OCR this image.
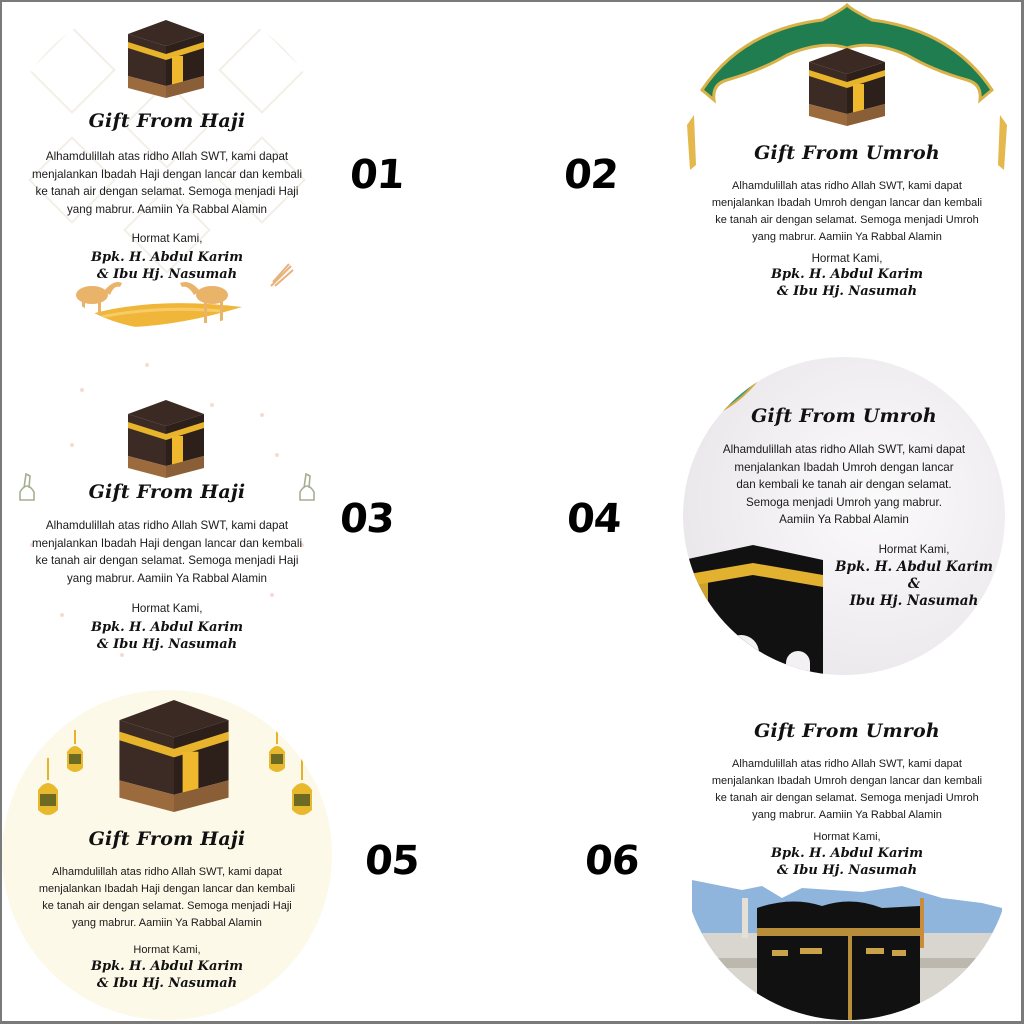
Gift From Haji
Alhamdulillah atas ridho Allah SWT, kami dapat
menjalankan Ibadah Haji dengan lancar dan kembali
ke tanah air dengan selamat. Semoga menjadi Haji
yang mabrur. Aamiin Ya Rabbal Alamin
Hormat Kami,
Bpk. H. Abdul Karim
& Ibu Hj. Nasumah
01	Gift From Umroh
Alhamdulillah atas ridho Allah SWT, kami dapat
menjalankan Ibadah Umroh dengan lancar dan kembali
ke tanah air dengan selamat. Semoga menjadi Umroh
yang mabrur. Aamiin Ya Rabbal Alamin
Hormat Kami,
Bpk. H. Abdul Karim
& Ibu Hj. Nasumah
02
Gift From Haji
Alhamdulillah atas ridho Allah SWT, kami dapat
menjalankan Ibadah Haji dengan lancar dan kembali
ke tanah air dengan selamat. Semoga menjadi Haji
yang mabrur. Aamiin Ya Rabbal Alamin
Hormat Kami,
Bpk. H. Abdul Karim
& Ibu Hj. Nasumah
03
Gift From Umroh
Alhamdulillah atas ridho Allah SWT, kami dapat
menjalankan Ibadah Umroh dengan lancar
dan kembali ke tanah air dengan selamat.
Semoga menjadi Umroh yang mabrur.
Aamiin Ya Rabbal Alamin
Hormat Kami,
Bpk. H. Abdul Karim
&
Ibu Hj. Nasumah
04
Gift From Haji
Alhamdulillah atas ridho Allah SWT, kami dapat
menjalankan Ibadah Haji dengan lancar dan kembali
ke tanah air dengan selamat. Semoga menjadi Haji
yang mabrur. Aamiin Ya Rabbal Alamin
Hormat Kami,
Bpk. H. Abdul Karim
& Ibu Hj. Nasumah
05
Gift From Umroh
Alhamdulillah atas ridho Allah SWT, kami dapat
menjalankan Ibadah Umroh dengan lancar dan kembali
ke tanah air dengan selamat. Semoga menjadi Umroh
yang mabrur. Aamiin Ya Rabbal Alamin
Hormat Kami,
Bpk. H. Abdul Karim
& Ibu Hj. Nasumah
06
